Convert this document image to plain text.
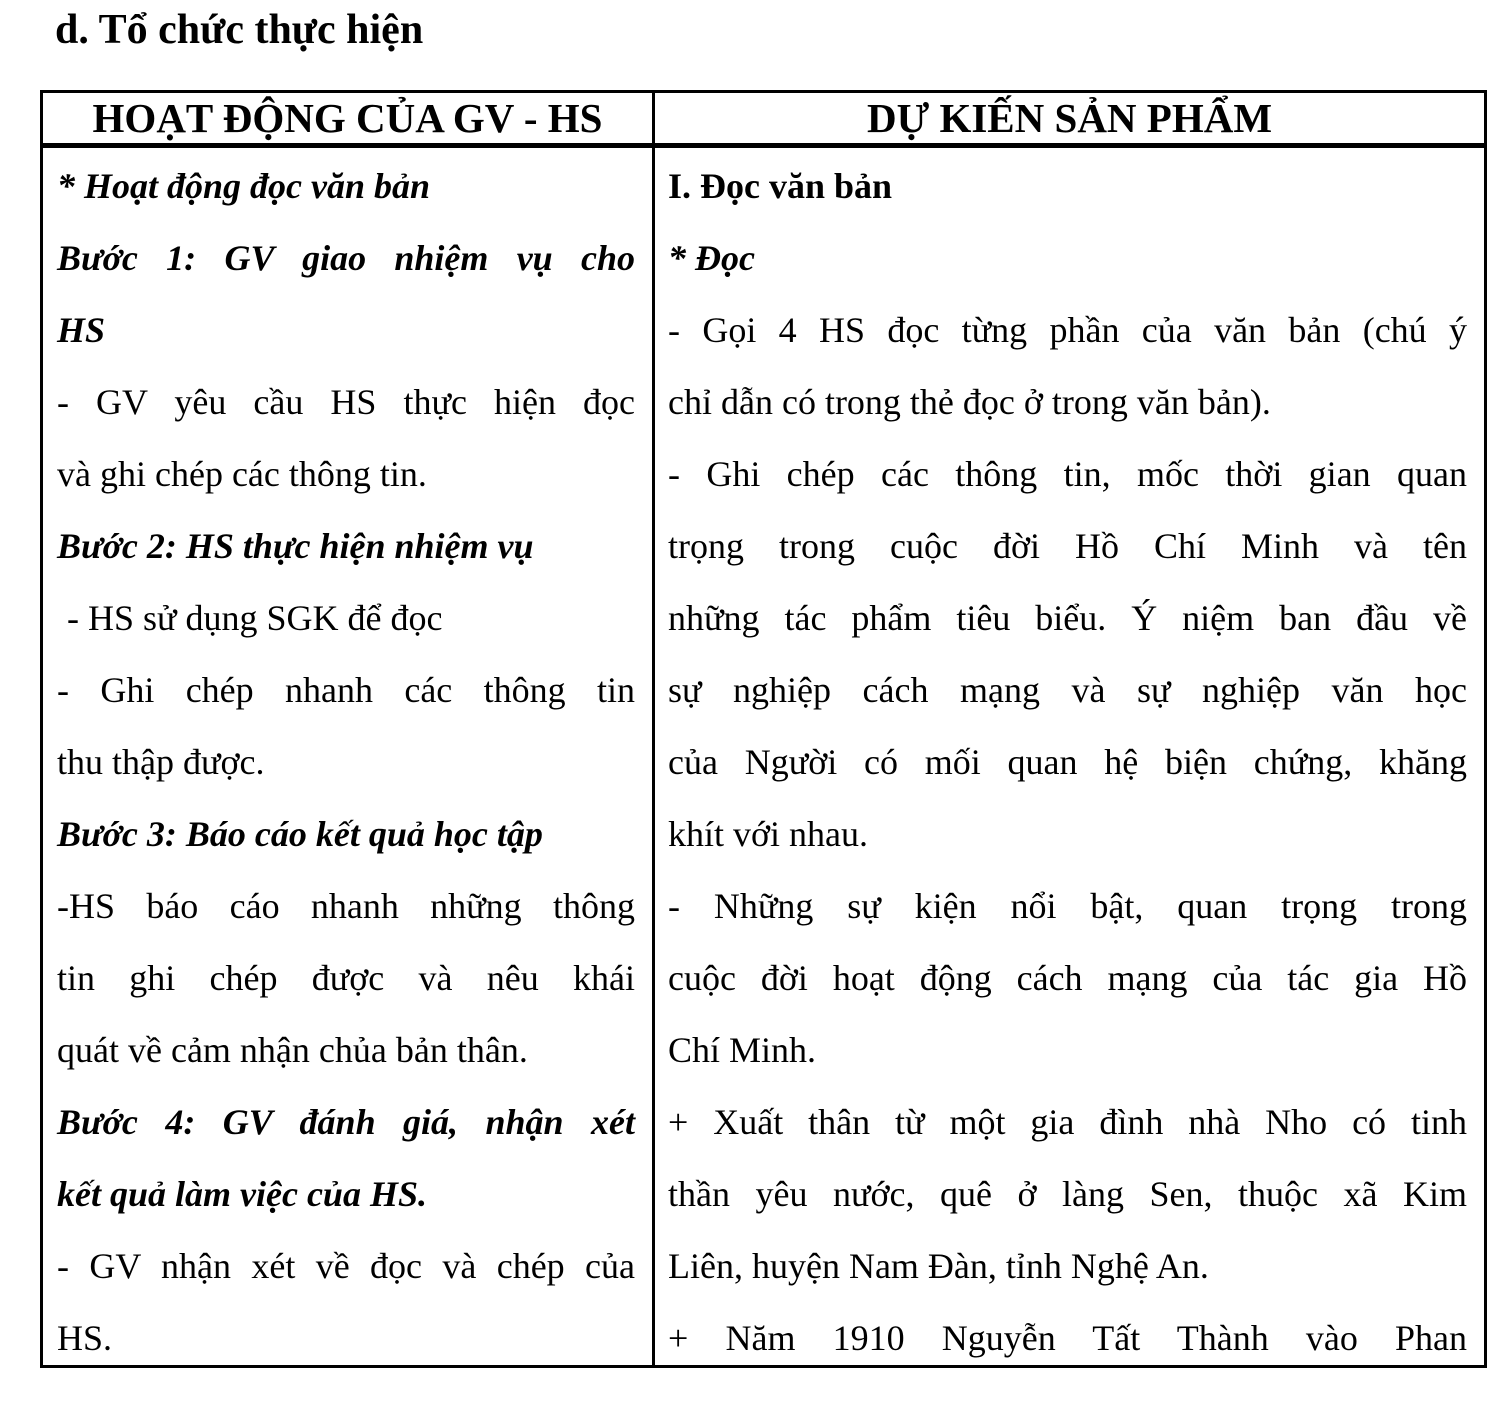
d. Tổ chức thực hiện
HOẠT ĐỘNG CỦA GV - HS	DỰ KIẾN SẢN PHẨM
* Hoạt động đọc văn bản
Bước 1: GV giao nhiệm vụ cho
HS
- GV yêu cầu HS thực hiện đọc
và ghi chép các thông tin.
Bước 2: HS thực hiện nhiệm vụ
- HS sử dụng SGK để đọc
- Ghi chép nhanh các thông tin
thu thập được.
Bước 3: Báo cáo kết quả học tập
-HS báo cáo nhanh những thông
tin ghi chép được và nêu khái
quát về cảm nhận chủa bản thân.
Bước 4: GV đánh giá, nhận xét
kết quả làm việc của HS.
- GV nhận xét về đọc và chép của
HS.
I. Đọc văn bản
* Đọc
- Gọi 4 HS đọc từng phần của văn bản (chú ý
chỉ dẫn có trong thẻ đọc ở trong văn bản).
- Ghi chép các thông tin, mốc thời gian quan
trọng trong cuộc đời Hồ Chí Minh và tên
những tác phẩm tiêu biểu. Ý niệm ban đầu về
sự nghiệp cách mạng và sự nghiệp văn học
của Người có mối quan hệ biện chứng, khăng
khít với nhau.
- Những sự kiện nổi bật, quan trọng trong
cuộc đời hoạt động cách mạng của tác gia Hồ
Chí Minh.
+ Xuất thân từ một gia đình nhà Nho có tinh
thần yêu nước, quê ở làng Sen, thuộc xã Kim
Liên, huyện Nam Đàn, tỉnh Nghệ An.
+ Năm 1910 Nguyễn Tất Thành vào Phan
